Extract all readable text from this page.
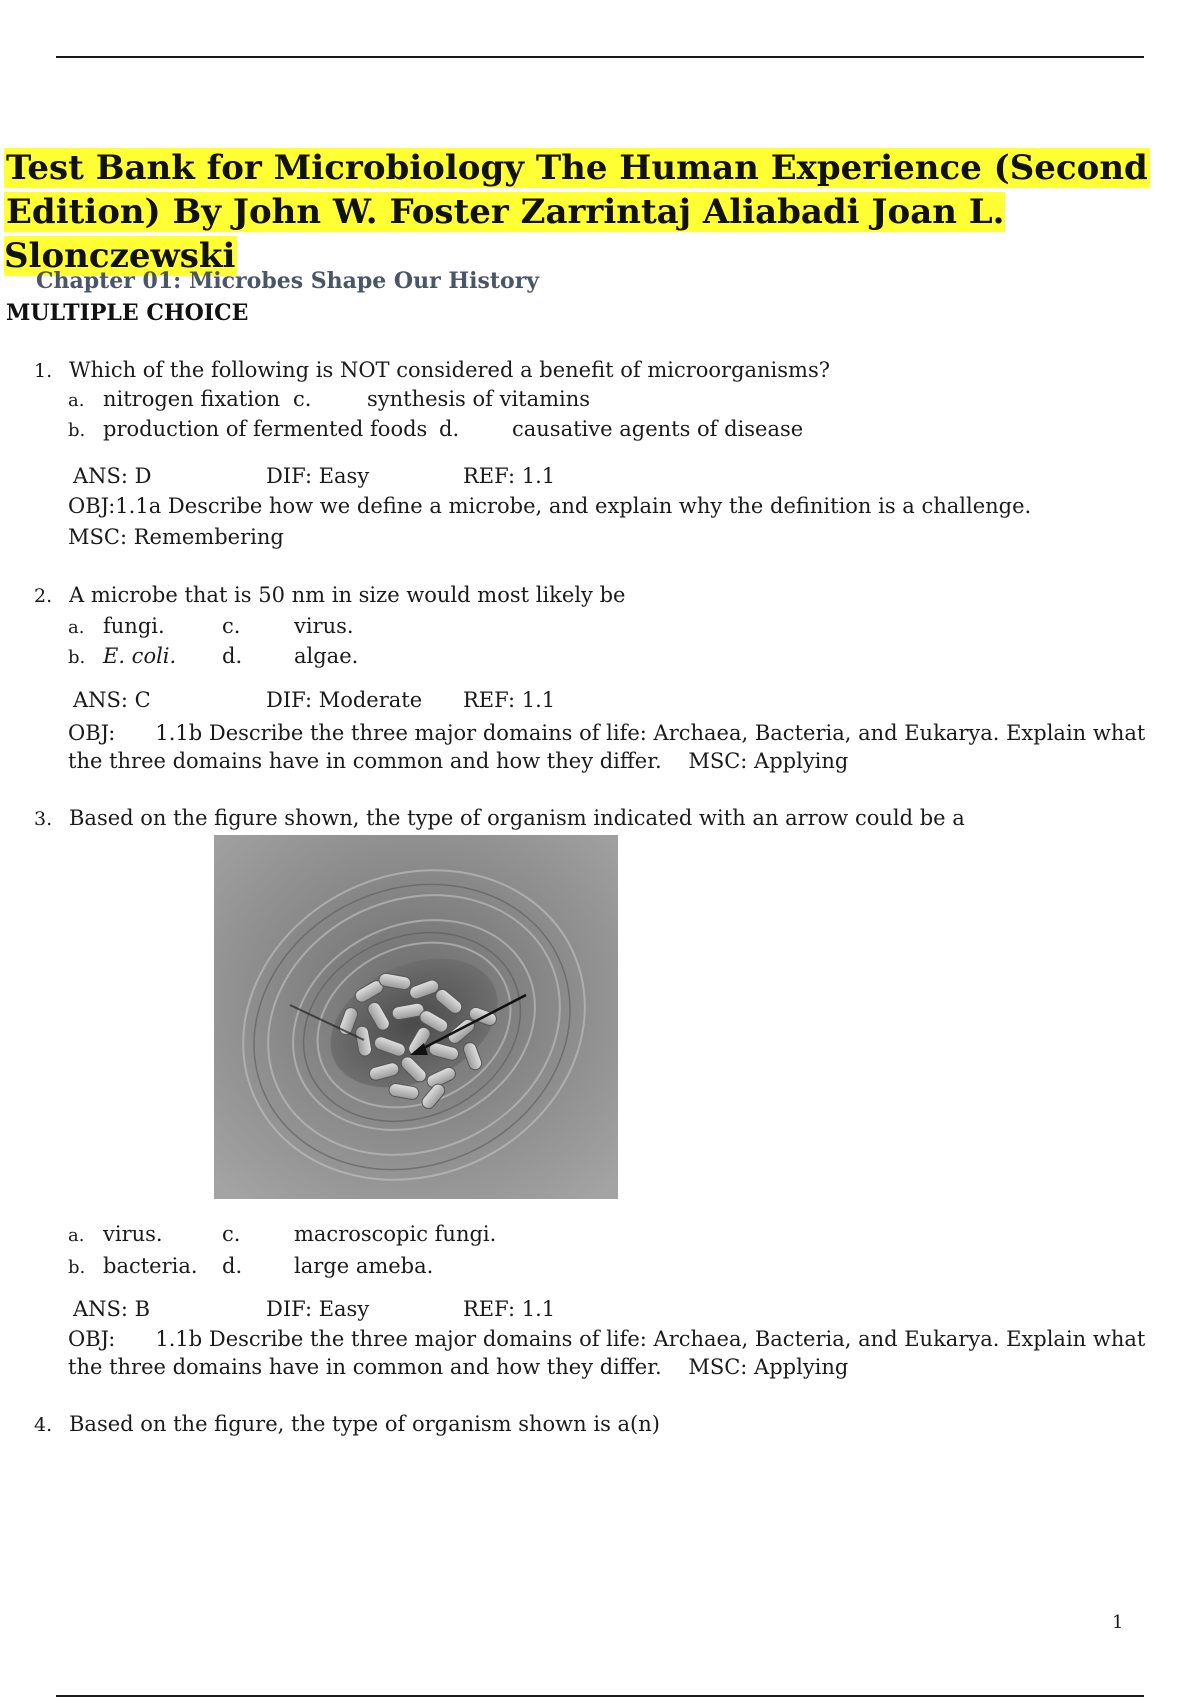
Test Bank for Microbiology The Human Experience (Second
Edition) By John W. Foster Zarrintaj Aliabadi Joan L. Slonczewski
Chapter 01: Microbes Shape Our History
MULTIPLE CHOICE
1. Which of the following is NOT considered a benefit of microorganisms?
a. nitrogen fixation c.	synthesis of vitamins
b. production of fermented foods d.	causative agents of disease
ANS: D	DIF: Easy	REF: 1.1
OBJ:1.1a Describe how we define a microbe, and explain why the definition is a challenge.
MSC: Remembering
2. A microbe that is 50 nm in size would most likely be
a. fungi.	c.	virus.
b. E. coli. d. algae.
ANS: C	DIF: Moderate REF: 1.1
OBJ:      1.1b Describe the three major domains of life: Archaea, Bacteria, and Eukarya. Explain what
the three domains have in common and how they differ.    MSC: Applying
3. Based on the figure shown, the type of organism indicated with an arrow could be a
a. virus.	c.	macroscopic fungi.
b. bacteria. d. large ameba.
ANS: B	DIF: Easy	REF: 1.1
OBJ:      1.1b Describe the three major domains of life: Archaea, Bacteria, and Eukarya. Explain what
the three domains have in common and how they differ.    MSC: Applying
4. Based on the figure, the type of organism shown is a(n)
1
